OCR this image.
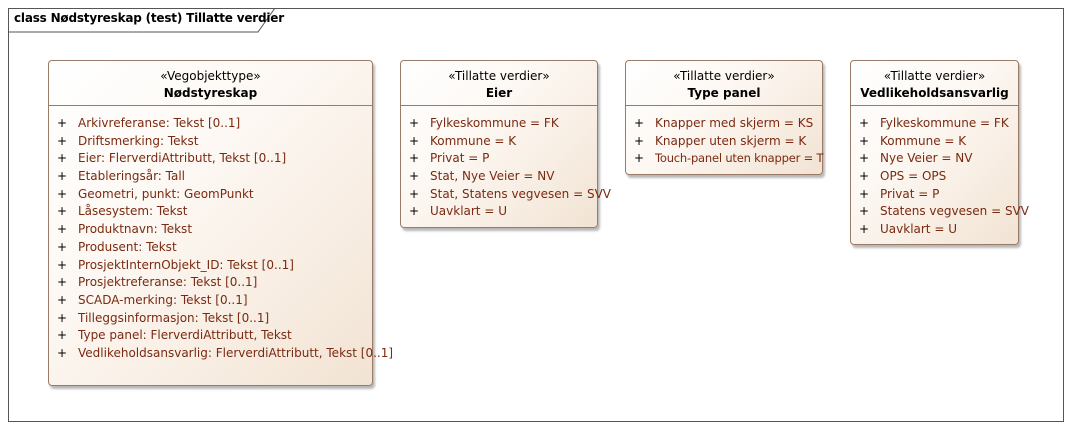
class Nødstyreskap (test) Tillatte verdier
«Vegobjekttype»
Nødstyreskap
+ Arkivreferanse: Tekst [0..1]
+ Driftsmerking: Tekst
+ Eier: FlerverdiAttributt, Tekst [0..1]
+ Etableringsår: Tall
+ Geometri, punkt: GeomPunkt
+ Låsesystem: Tekst
+ Produktnavn: Tekst
+ Produsent: Tekst
+ ProsjektInternObjekt_ID: Tekst [0..1]
+ Prosjektreferanse: Tekst [0..1]
+ SCADA-merking: Tekst [0..1]
+ Tilleggsinformasjon: Tekst [0..1]
+ Type panel: FlerverdiAttributt, Tekst
+ Vedlikeholdsansvarlig: FlerverdiAttributt, Tekst [0..1]
«Tillatte verdier»
Eier
+ Fylkeskommune = FK
+ Kommune = K
+ Privat = P
+ Stat, Nye Veier = NV
+ Stat, Statens vegvesen = SVV
+ Uavklart = U
«Tillatte verdier»
Type panel
+ Knapper med skjerm = KS
+ Knapper uten skjerm = K
+ Touch-panel uten knapper = T
«Tillatte verdier»
Vedlikeholdsansvarlig
+ Fylkeskommune = FK
+ Kommune = K
+ Nye Veier = NV
+ OPS = OPS
+ Privat = P
+ Statens vegvesen = SVV
+ Uavklart = U
